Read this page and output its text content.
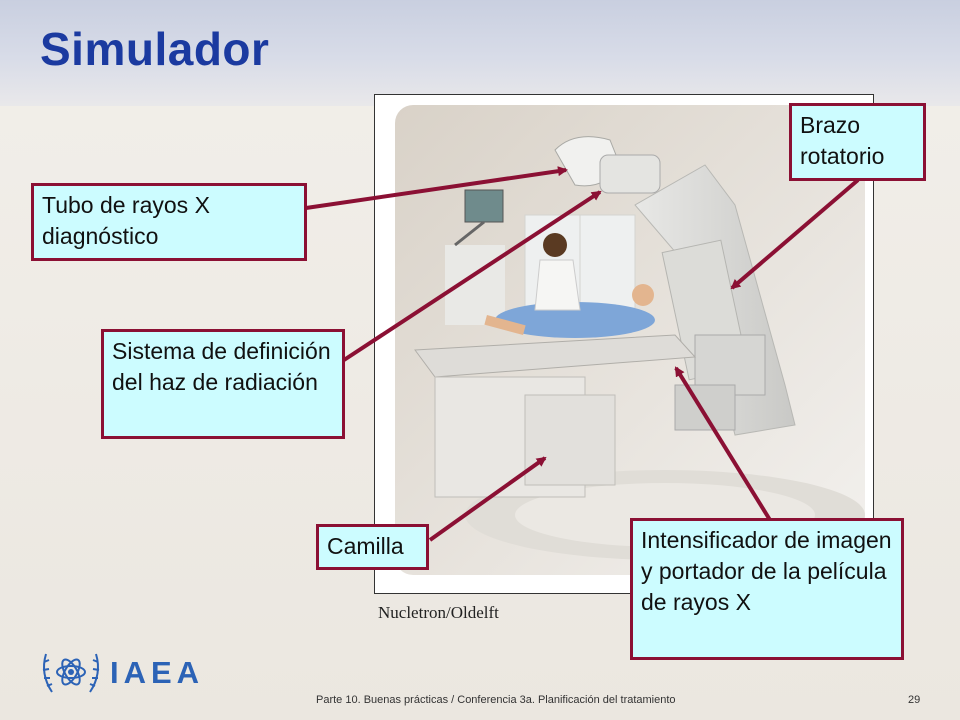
Simulador
Nucletron/Oldelft
Tubo de rayos X diagnóstico
Sistema de definición del haz de radiación
Brazo rotatorio
Camilla	Intensificador de imagen y portador de la película de rayos X
IAEA
Parte 10. Buenas prácticas / Conferencia 3a. Planificación del tratamiento	29
